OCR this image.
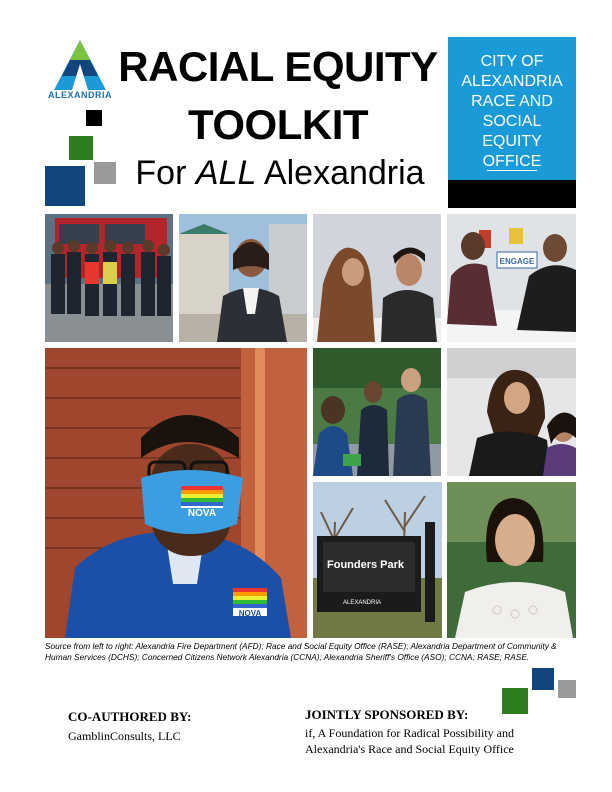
ALEXANDRIA
RACIAL EQUITY
TOOLKIT
For ALL Alexandria
CITY OF ALEXANDRIA RACE AND SOCIAL EQUITY OFFICE
ENGAGE
NOVA
NOVA
Founders Park
ALEXANDRIA
Source from left to right: Alexandria Fire Department (AFD); Race and Social Equity Office (RASE); Alexandria Department of Community & Human Services (DCHS); Concerned Citizens Network Alexandria (CCNA); Alexandria Sheriff's Office (ASO); CCNA; RASE; RASE.
CO-AUTHORED BY:
GamblinConsults, LLC
JOINTLY SPONSORED BY:
if, A Foundation for Radical Possibility and
Alexandria's Race and Social Equity Office
